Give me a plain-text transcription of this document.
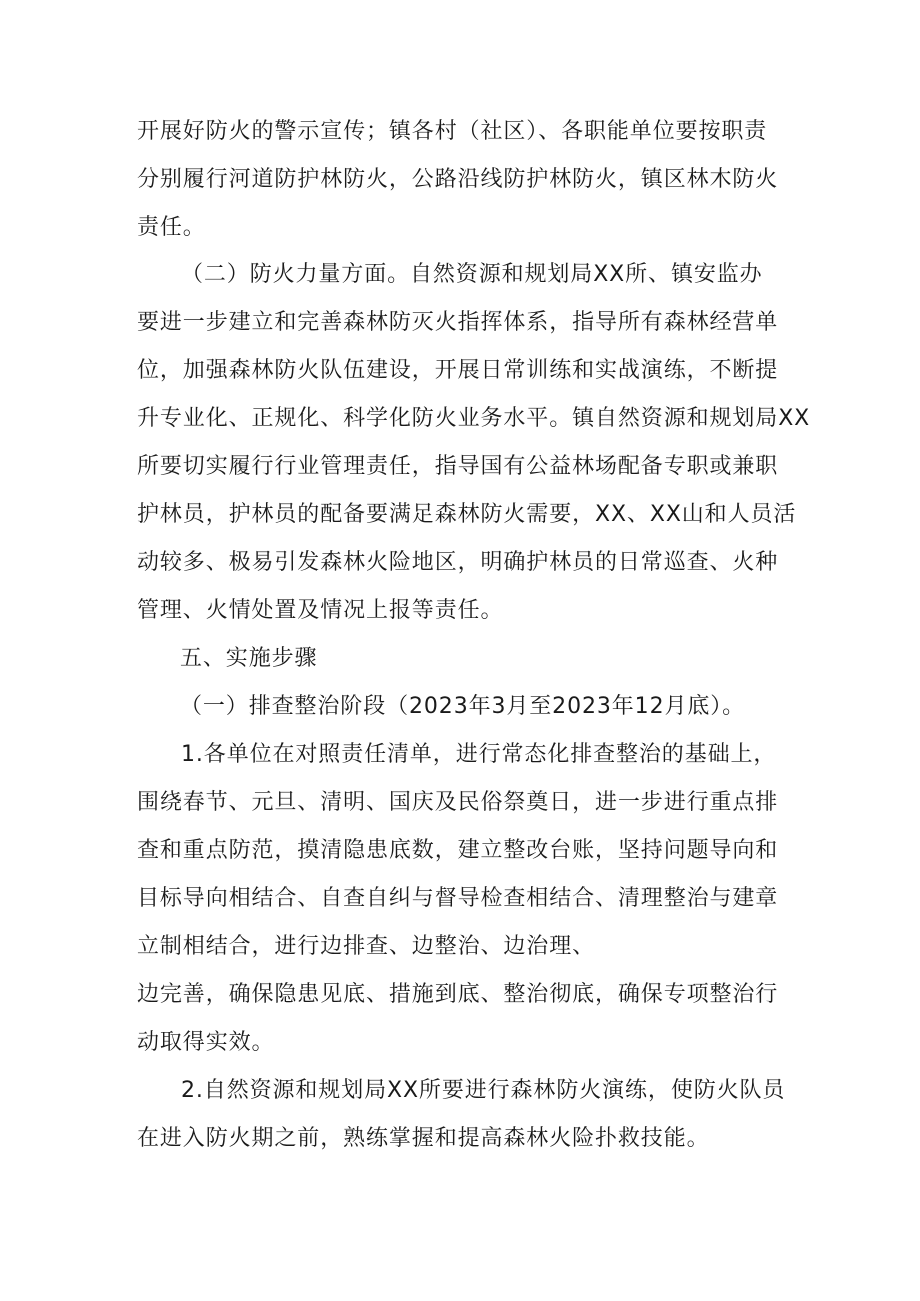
开展好防火的警示宣传；镇各村（社区）、各职能单位要按职责
分别履行河道防护林防火，公路沿线防护林防火，镇区林木防火
责任。
（二）防火力量方面。自然资源和规划局XX所、镇安监办
要进一步建立和完善森林防灭火指挥体系，指导所有森林经营单
位，加强森林防火队伍建设，开展日常训练和实战演练，不断提
升专业化、正规化、科学化防火业务水平。镇自然资源和规划局XX
所要切实履行行业管理责任，指导国有公益林场配备专职或兼职
护林员，护林员的配备要满足森林防火需要，XX、XX山和人员活
动较多、极易引发森林火险地区，明确护林员的日常巡查、火种
管理、火情处置及情况上报等责任。
五、实施步骤
（一）排查整治阶段（2023年3月至2023年12月底）。
1.各单位在对照责任清单，进行常态化排查整治的基础上，
围绕春节、元旦、清明、国庆及民俗祭奠日，进一步进行重点排
查和重点防范，摸清隐患底数，建立整改台账，坚持问题导向和
目标导向相结合、自查自纠与督导检查相结合、清理整治与建章
立制相结合，进行边排查、边整治、边治理、
边完善，确保隐患见底、措施到底、整治彻底，确保专项整治行
动取得实效。
2.自然资源和规划局XX所要进行森林防火演练，使防火队员
在进入防火期之前，熟练掌握和提高森林火险扑救技能。
